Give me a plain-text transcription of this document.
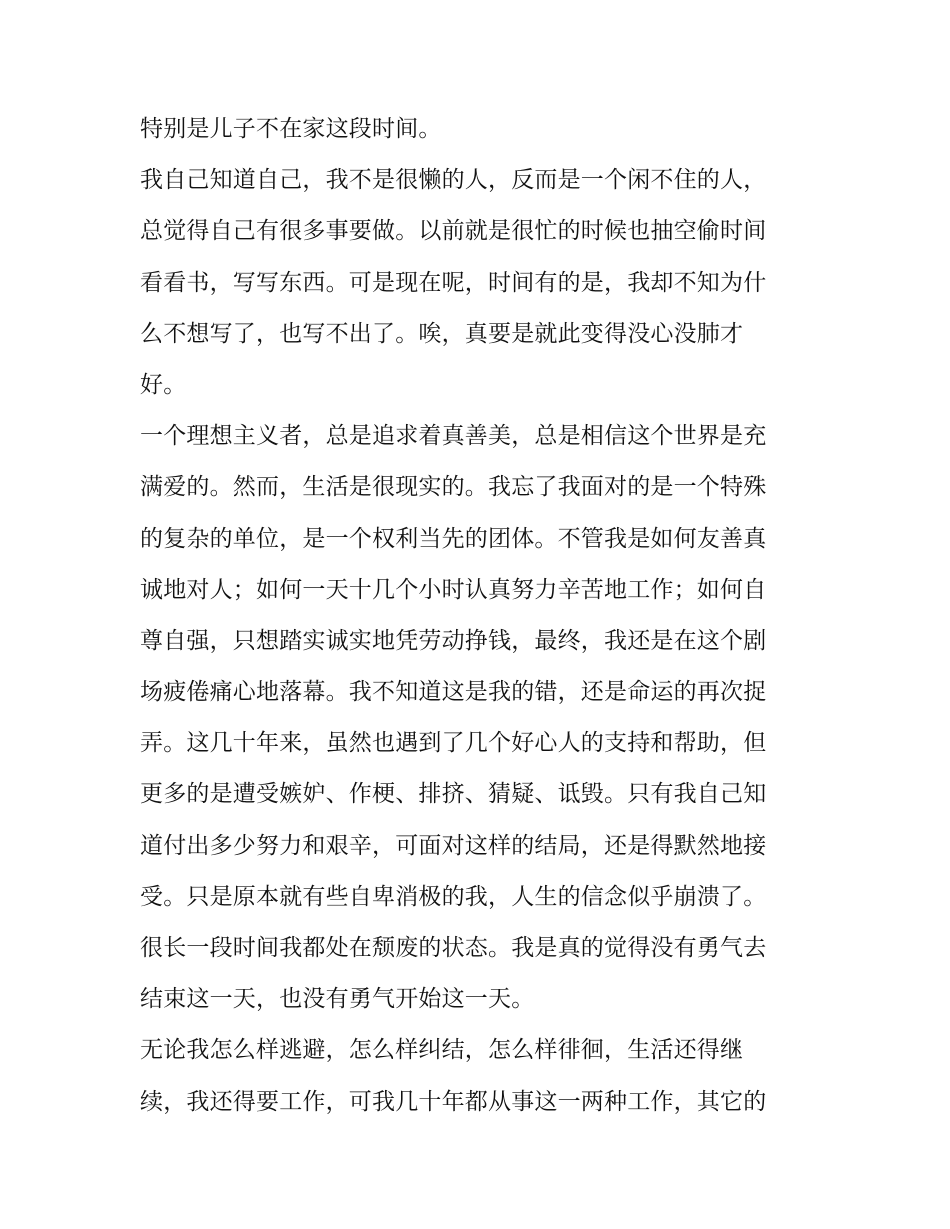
特别是儿子不在家这段时间。
我自己知道自己，我不是很懒的人，反而是一个闲不住的人，
总觉得自己有很多事要做。以前就是很忙的时候也抽空偷时间
看看书，写写东西。可是现在呢，时间有的是，我却不知为什
么不想写了，也写不出了。唉，真要是就此变得没心没肺才
好。
一个理想主义者，总是追求着真善美，总是相信这个世界是充
满爱的。然而，生活是很现实的。我忘了我面对的是一个特殊
的复杂的单位，是一个权利当先的团体。不管我是如何友善真
诚地对人；如何一天十几个小时认真努力辛苦地工作；如何自
尊自强，只想踏实诚实地凭劳动挣钱，最终，我还是在这个剧
场疲倦痛心地落幕。我不知道这是我的错，还是命运的再次捉
弄。这几十年来，虽然也遇到了几个好心人的支持和帮助，但
更多的是遭受嫉妒、作梗、排挤、猜疑、诋毁。只有我自己知
道付出多少努力和艰辛，可面对这样的结局，还是得默然地接
受。只是原本就有些自卑消极的我，人生的信念似乎崩溃了。
很长一段时间我都处在颓废的状态。我是真的觉得没有勇气去
结束这一天，也没有勇气开始这一天。
无论我怎么样逃避，怎么样纠结，怎么样徘徊，生活还得继
续，我还得要工作，可我几十年都从事这一两种工作，其它的
